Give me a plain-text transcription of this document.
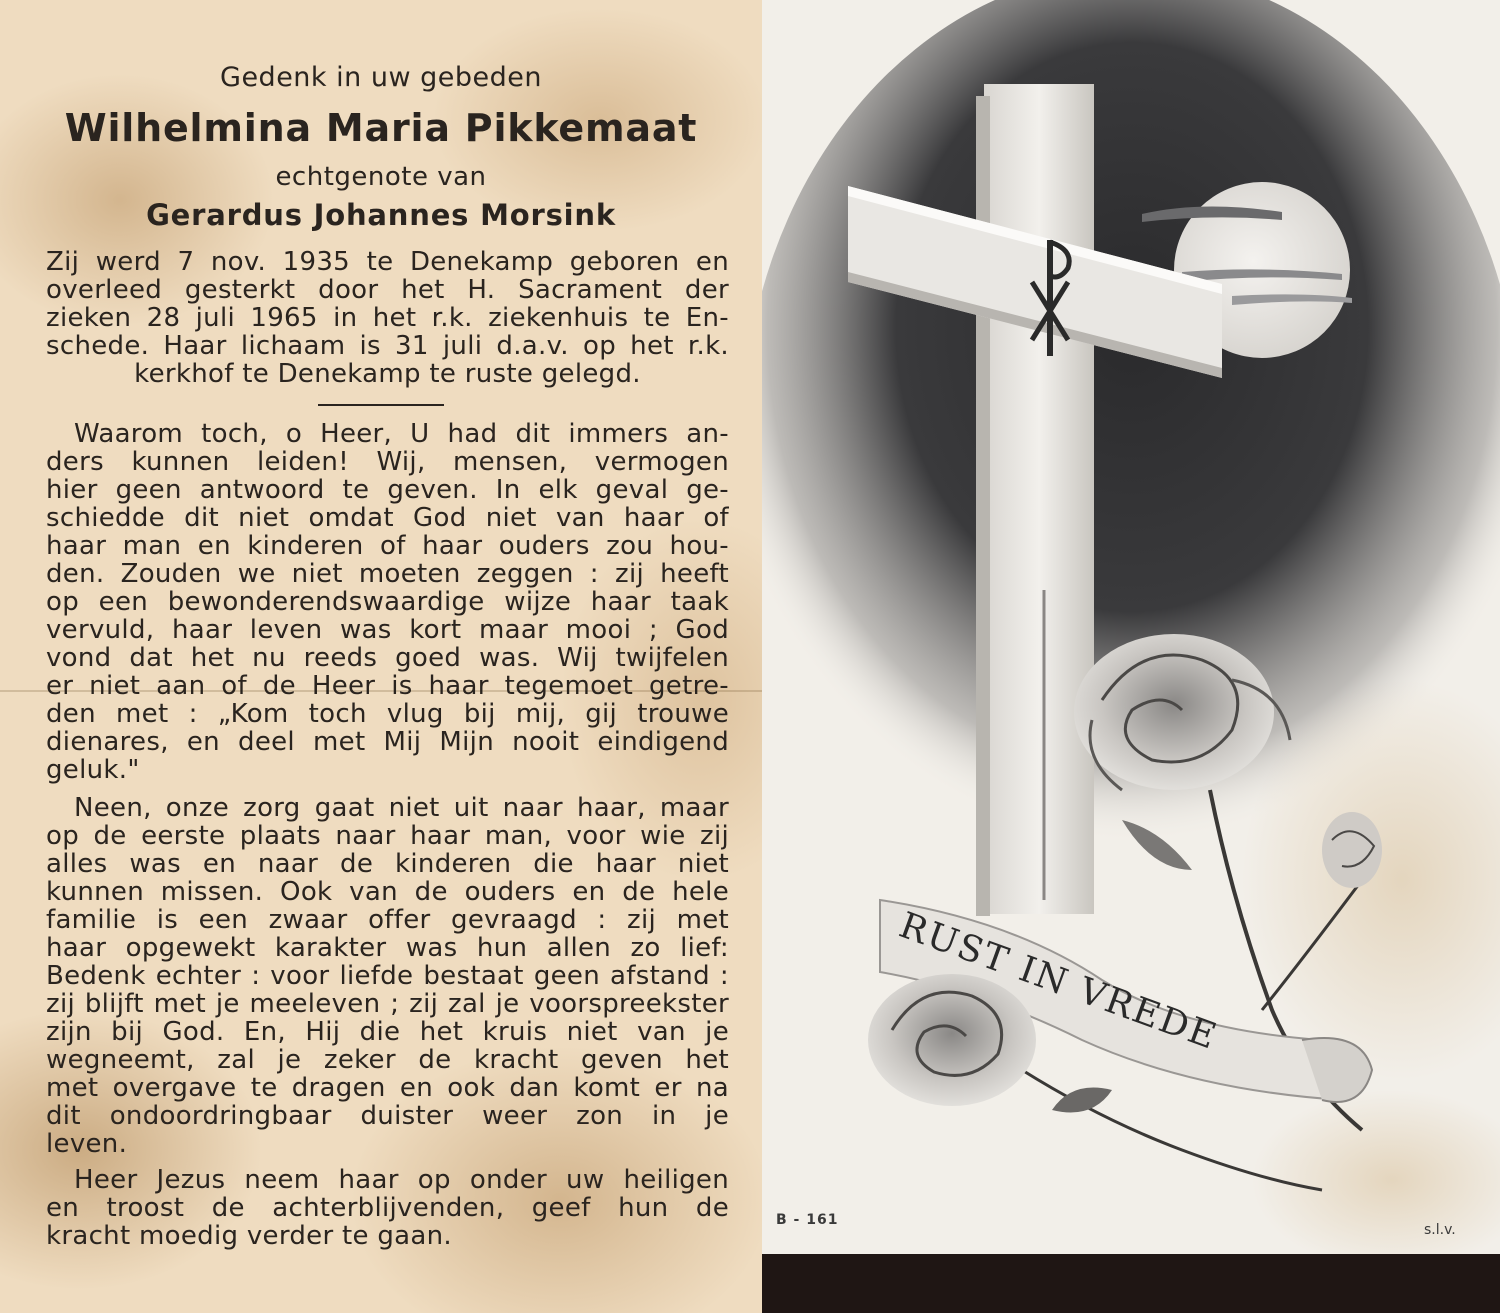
Gedenk in uw gebeden
Wilhelmina Maria Pikkemaat
echtgenote van
Gerardus Johannes Morsink
Zij werd 7 nov. 1935 te Denekamp geboren en
overleed gesterkt door het H. Sacrament der
zieken 28 juli 1965 in het r.k. ziekenhuis te En-
schede. Haar lichaam is 31 juli d.a.v. op het r.k.
kerkhof te Denekamp te ruste gelegd.
Waarom toch, o Heer, U had dit immers an-
ders kunnen leiden! Wij, mensen, vermogen
hier geen antwoord te geven. In elk geval ge-
schiedde dit niet omdat God niet van haar of
haar man en kinderen of haar ouders zou hou-
den. Zouden we niet moeten zeggen : zij heeft
op een bewonderendswaardige wijze haar taak
vervuld, haar leven was kort maar mooi ; God
vond dat het nu reeds goed was. Wij twijfelen
er niet aan of de Heer is haar tegemoet getre-
den met : „Kom toch vlug bij mij, gij trouwe
dienares, en deel met Mij Mijn nooit eindigend
geluk."
Neen, onze zorg gaat niet uit naar haar, maar
op de eerste plaats naar haar man, voor wie zij
alles was en naar de kinderen die haar niet
kunnen missen. Ook van de ouders en de hele
familie is een zwaar offer gevraagd : zij met
haar opgewekt karakter was hun allen zo lief:
Bedenk echter : voor liefde bestaat geen afstand :
zij blijft met je meeleven ; zij zal je voorspreekster
zijn bij God. En, Hij die het kruis niet van je
wegneemt, zal je zeker de kracht geven het
met overgave te dragen en ook dan komt er na
dit ondoordringbaar duister weer zon in je
leven.
Heer Jezus neem haar op onder uw heiligen
en troost de achterblijvenden, geef hun de
kracht moedig verder te gaan.
RUST IN VREDE
B - 161
s.l.v.
